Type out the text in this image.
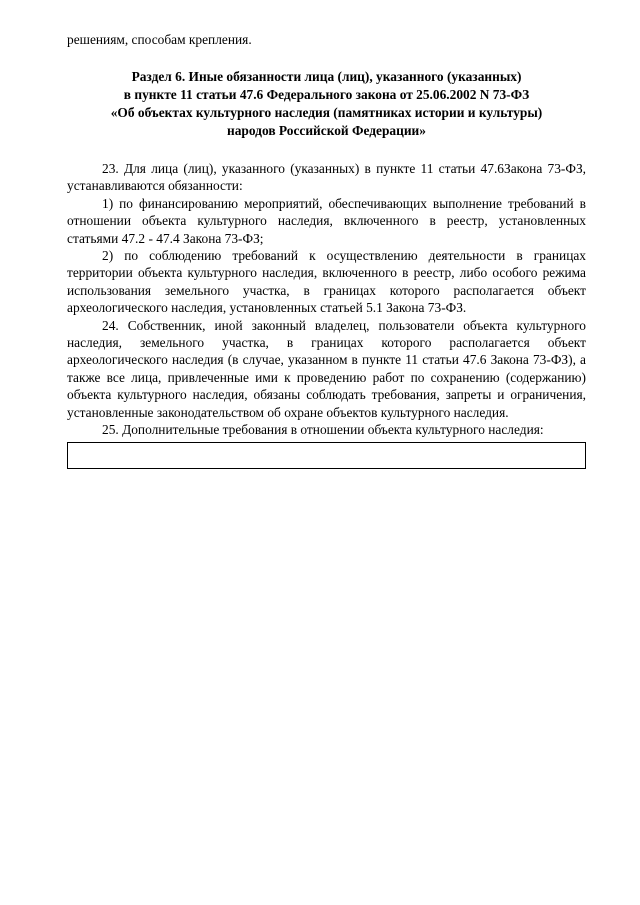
решениям, способам крепления.

Раздел 6. Иные обязанности лица (лиц), указанного (указанных)
в пункте 11 статьи 47.6 Федерального закона от 25.06.2002 N 73-ФЗ
«Об объектах культурного наследия (памятниках истории и культуры)
народов Российской Федерации»

23. Для лица (лиц), указанного (указанных) в пункте 11 статьи 47.6Закона 73-ФЗ, устанавливаются обязанности:

1) по финансированию мероприятий, обеспечивающих выполнение требований в отношении объекта культурного наследия, включенного в реестр, установленных статьями 47.2 - 47.4 Закона 73-ФЗ;

2) по соблюдению требований к осуществлению деятельности в границах территории объекта культурного наследия, включенного в реестр, либо особого режима использования земельного участка, в границах которого располагается объект археологического наследия, установленных статьей 5.1 Закона 73-ФЗ.

24. Собственник, иной законный владелец, пользователи объекта культурного наследия, земельного участка, в границах которого располагается объект археологического наследия (в случае, указанном в пункте 11 статьи 47.6 Закона 73-ФЗ), а также все лица, привлеченные ими к проведению работ по сохранению (содержанию) объекта культурного наследия, обязаны соблюдать требования, запреты и ограничения, установленные законодательством об охране объектов культурного наследия.

25. Дополнительные требования в отношении объекта культурного наследия:
